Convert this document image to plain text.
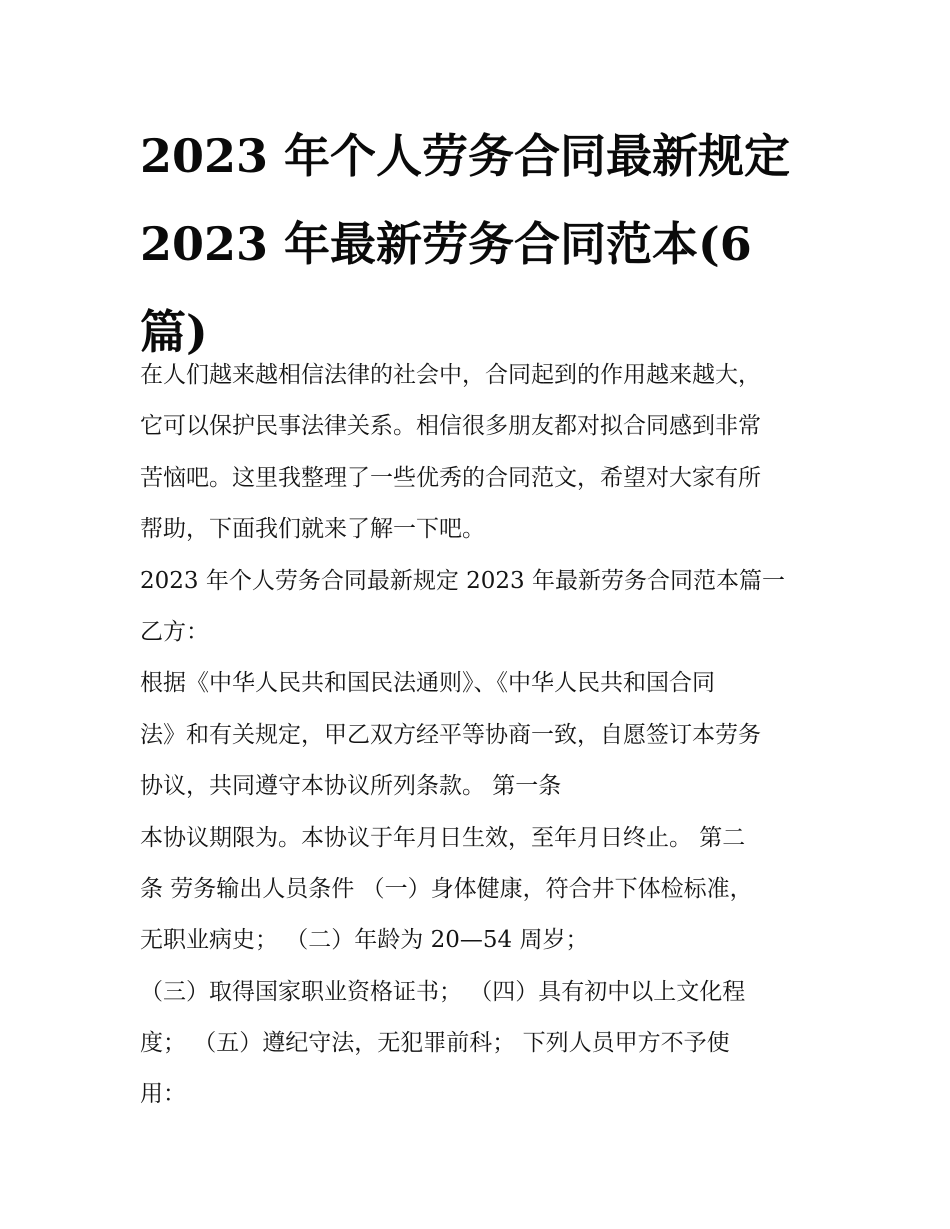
2023 年个人劳务合同最新规定
2023 年最新劳务合同范本(6
篇)
在人们越来越相信法律的社会中，合同起到的作用越来越大，
它可以保护民事法律关系。相信很多朋友都对拟合同感到非常
苦恼吧。这里我整理了一些优秀的合同范文，希望对大家有所
帮助，下面我们就来了解一下吧。
2023 年个人劳务合同最新规定 2023 年最新劳务合同范本篇一
乙方：
根据《中华人民共和国民法通则》、《中华人民共和国合同
法》和有关规定，甲乙双方经平等协商一致，自愿签订本劳务
协议，共同遵守本协议所列条款。 第一条
本协议期限为。本协议于年月日生效，至年月日终止。 第二
条 劳务输出人员条件 （一）身体健康，符合井下体检标准，
无职业病史； （二）年龄为 20—54 周岁；
（三）取得国家职业资格证书； （四）具有初中以上文化程
度； （五）遵纪守法，无犯罪前科； 下列人员甲方不予使
用：
